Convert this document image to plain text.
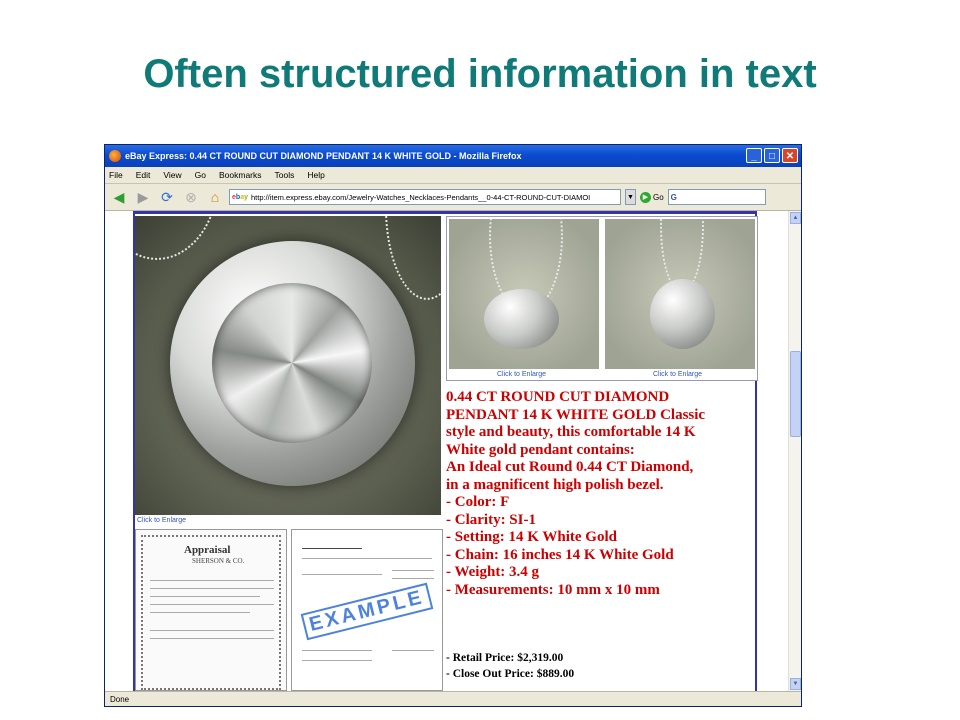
Often structured information in text
eBay Express: 0.44 CT ROUND CUT DIAMOND PENDANT 14 K WHITE GOLD - Mozilla Firefox	_	□	✕
File Edit View Go Bookmarks Tools Help
◀ ▶ ⟳ ⊗ ⌂	ebay http://item.express.ebay.com/Jewelry-Watches_Necklaces-Pendants__0-44-CT-ROUND-CUT-DIAMOI	▼	▶ Go G
Click to Enlarge
Click to Enlarge	Click to Enlarge
0.44 CT ROUND CUT DIAMOND
PENDANT 14 K WHITE GOLD Classic
style and beauty, this comfortable 14 K
White gold pendant contains:
An Ideal cut Round 0.44 CT Diamond,
in a magnificent high polish bezel.
- Color: F
- Clarity: SI-1
- Setting: 14 K White Gold
- Chain: 16 inches 14 K White Gold
- Weight: 3.4 g
- Measurements: 10 mm x 10 mm
- Retail Price: $2,319.00
- Close Out Price: $889.00
Appraisal
SHERSON & CO.
EXAMPLE
▲
▼
Done
